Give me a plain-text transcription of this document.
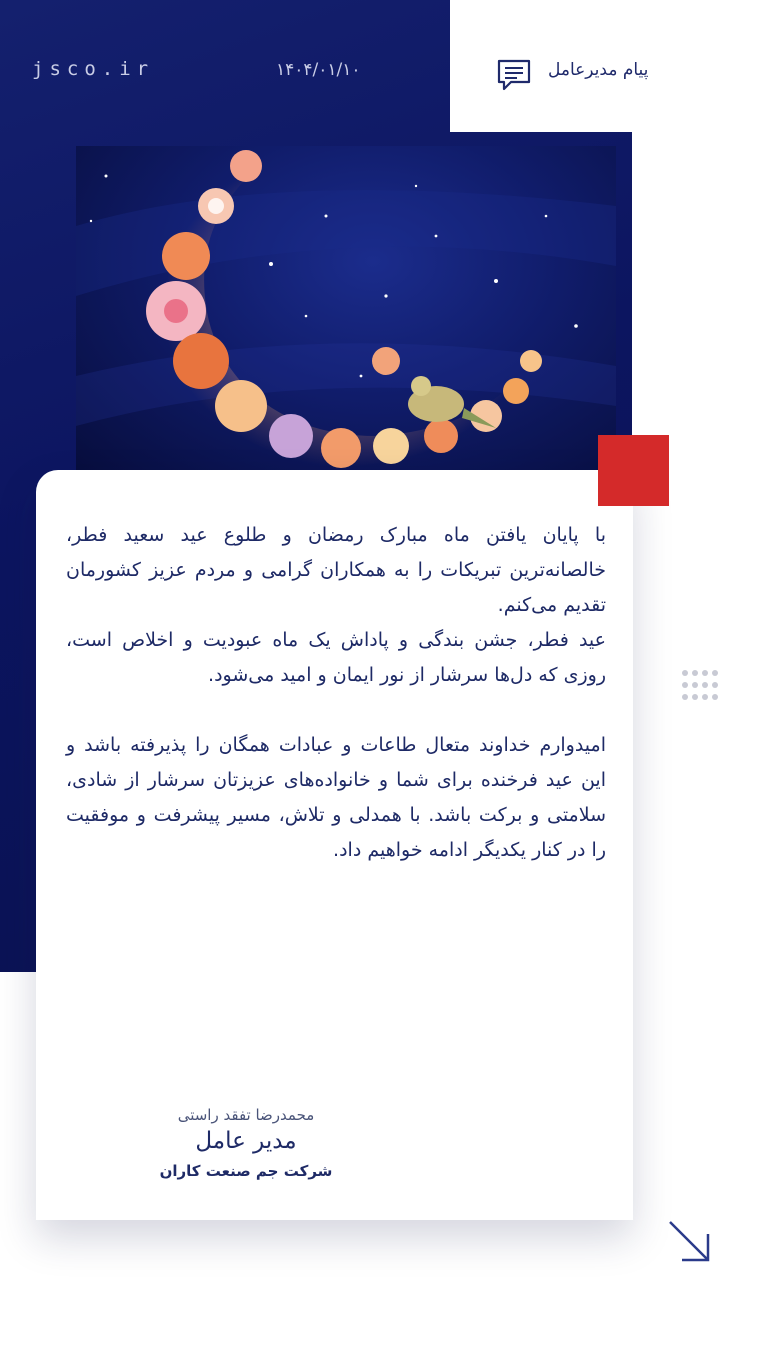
jsco.ir	۱۴۰۴/۰۱/۱۰	پیام مدیرعامل

با پایان یافتن ماه مبارک رمضان و طلوع عید سعید فطر، خالصانه‌ترین تبریکات را به همکاران گرامی و مردم عزیز کشورمان تقدیم می‌کنم.

عید فطر، جشن بندگی و پاداش یک ماه عبودیت و اخلاص است، روزی که دل‌ها سرشار از نور ایمان و امید می‌شود.

امیدوارم خداوند متعال طاعات و عبادات همگان را پذیرفته باشد و این عید فرخنده برای شما و خانواده‌های عزیزتان سرشار از شادی، سلامتی و برکت باشد. با همدلی و تلاش، مسیر پیشرفت و موفقیت را در کنار یکدیگر ادامه خواهیم داد.

محمدرضا تفقد راستی
مدیر عامل
شرکت جم صنعت کاران
